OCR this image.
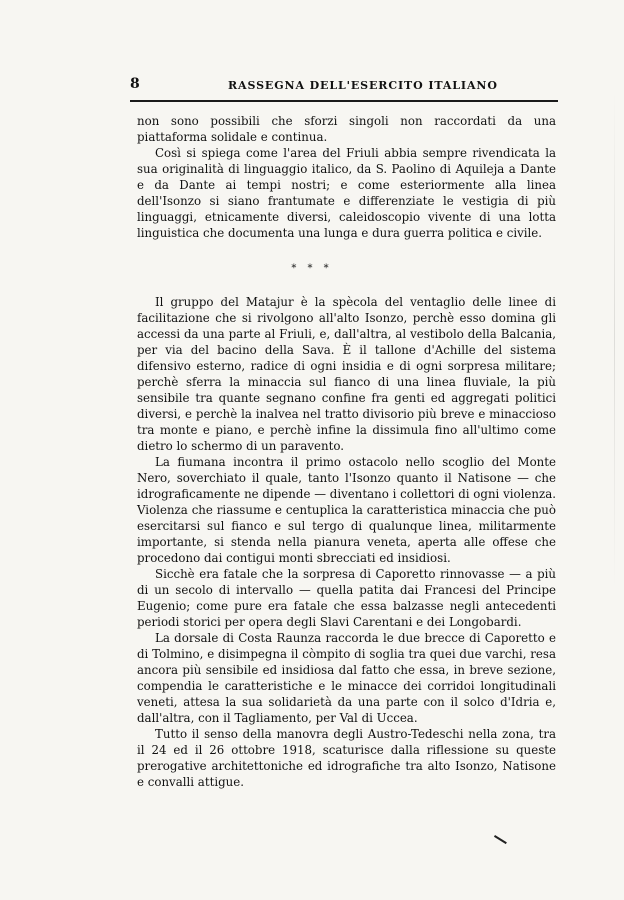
8	RASSEGNA DELL'ESERCITO ITALIANO

non sono possibili che sforzi singoli non raccordati da una piattaforma solidale e continua.

Così si spiega come l'area del Friuli abbia sempre rivendicata la sua originalità di linguaggio italico, da S. Paolino di Aquileja a Dante e da Dante ai tempi nostri; e come esteriormente alla linea dell'Isonzo si siano frantumate e differenziate le vestigia di più linguaggi, etnicamente diversi, caleidoscopio vivente di una lotta linguistica che documenta una lunga e dura guerra politica e civile.

* * *

Il gruppo del Matajur è la spècola del ventaglio delle linee di facilitazione che si rivolgono all'alto Isonzo, perchè esso domina gli accessi da una parte al Friuli, e, dall'altra, al vestibolo della Balcania, per via del bacino della Sava. È il tallone d'Achille del sistema difensivo esterno, radice di ogni insidia e di ogni sorpresa militare; perchè sferra la minaccia sul fianco di una linea fluviale, la più sensibile tra quante segnano confine fra genti ed aggregati politici diversi, e perchè la inalvea nel tratto divisorio più breve e minaccioso tra monte e piano, e perchè infine la dissimula fino all'ultimo come dietro lo schermo di un paravento.

La fiumana incontra il primo ostacolo nello scoglio del Monte Nero, soverchiato il quale, tanto l'Isonzo quanto il Natisone — che idrograficamente ne dipende — diventano i collettori di ogni violenza. Violenza che riassume e centuplica la caratteristica minaccia che può esercitarsi sul fianco e sul tergo di qualunque linea, militarmente importante, si stenda nella pianura veneta, aperta alle offese che procedono dai contigui monti sbrecciati ed insidiosi.

Sicchè era fatale che la sorpresa di Caporetto rinnovasse — a più di un secolo di intervallo — quella patita dai Francesi del Principe Eugenio; come pure era fatale che essa balzasse negli antecedenti periodi storici per opera degli Slavi Carentani e dei Longobardi.

La dorsale di Costa Raunza raccorda le due brecce di Caporetto e di Tolmino, e disimpegna il còmpito di soglia tra quei due varchi, resa ancora più sensibile ed insidiosa dal fatto che essa, in breve sezione, compendia le caratteristiche e le minacce dei corridoi longitudinali veneti, attesa la sua solidarietà da una parte con il solco d'Idria e, dall'altra, con il Tagliamento, per Val di Uccea.

Tutto il senso della manovra degli Austro-Tedeschi nella zona, tra il 24 ed il 26 ottobre 1918, scaturisce dalla riflessione su queste prerogative architettoniche ed idrografiche tra alto Isonzo, Natisone e convalli attigue.
